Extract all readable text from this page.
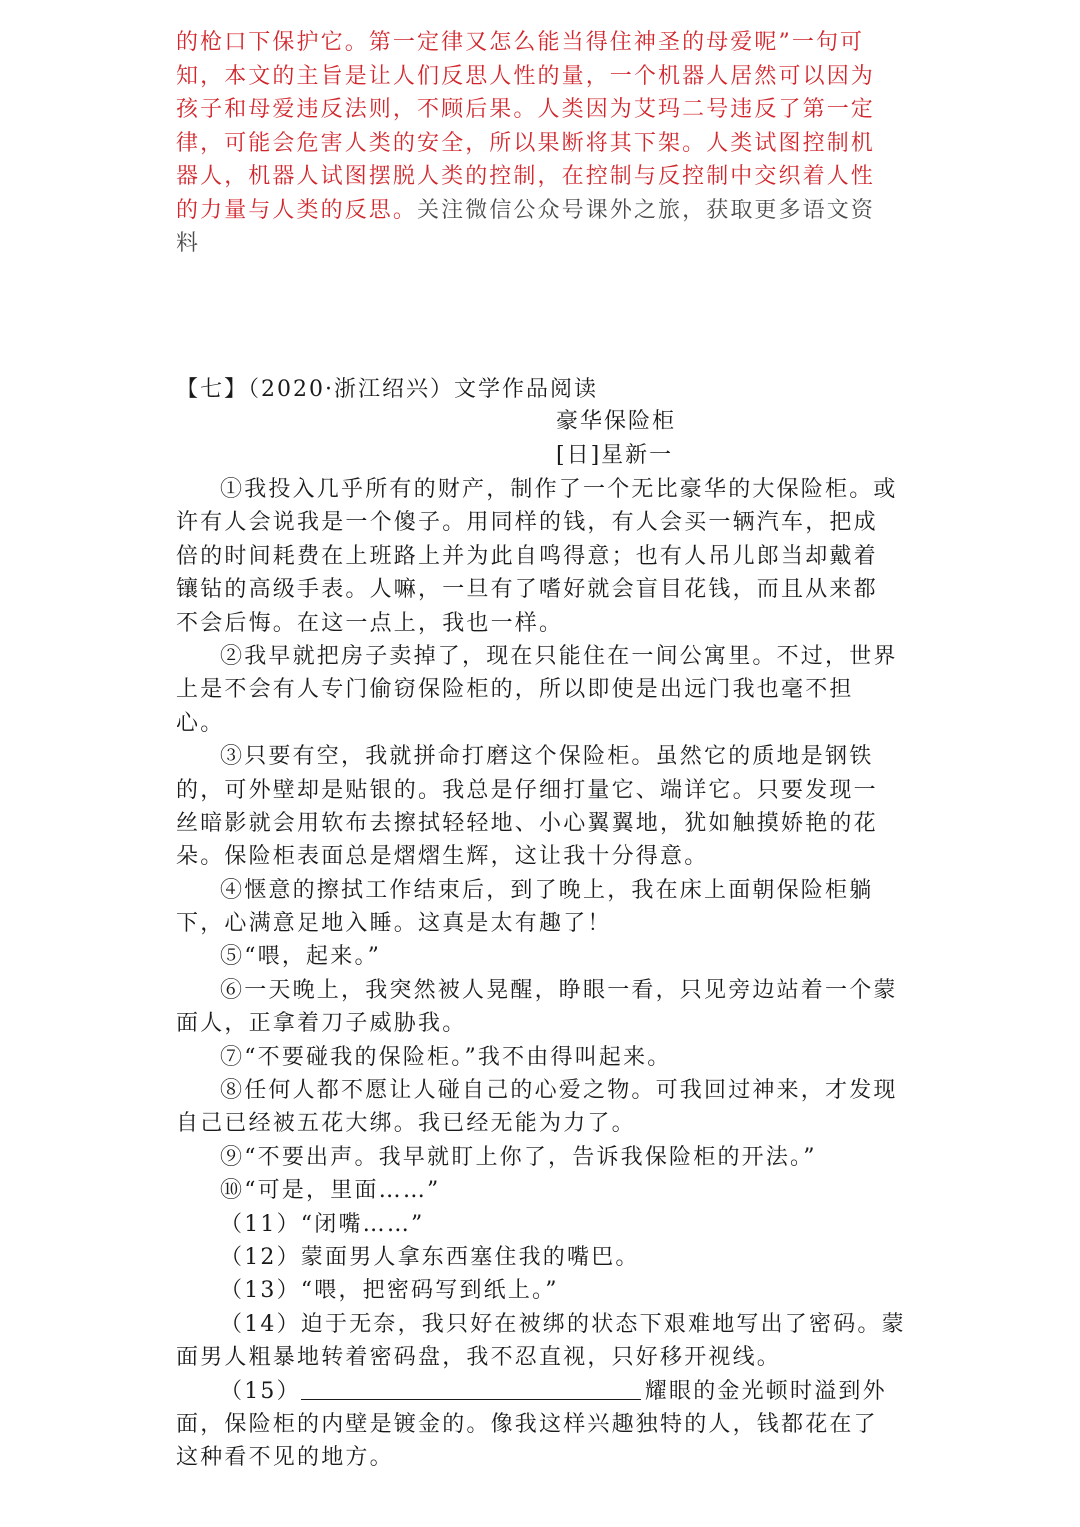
的枪口下保护它。第一定律又怎么能当得住神圣的母爱呢”一句可
知，本文的主旨是让人们反思人性的量，一个机器人居然可以因为
孩子和母爱违反法则，不顾后果。人类因为艾玛二号违反了第一定
律，可能会危害人类的安全，所以果断将其下架。人类试图控制机
器人，机器人试图摆脱人类的控制，在控制与反控制中交织着人性
的力量与人类的反思。关注微信公众号课外之旅，获取更多语文资
料
【七】（2020·浙江绍兴）文学作品阅读
豪华保险柜
[日]星新一
①我投入几乎所有的财产，制作了一个无比豪华的大保险柜。或
许有人会说我是一个傻子。用同样的钱，有人会买一辆汽车，把成
倍的时间耗费在上班路上并为此自鸣得意；也有人吊儿郎当却戴着
镶钻的高级手表。人嘛，一旦有了嗜好就会盲目花钱，而且从来都
不会后悔。在这一点上，我也一样。
②我早就把房子卖掉了，现在只能住在一间公寓里。不过，世界
上是不会有人专门偷窃保险柜的，所以即使是出远门我也毫不担
心。
③只要有空，我就拼命打磨这个保险柜。虽然它的质地是钢铁
的，可外壁却是贴银的。我总是仔细打量它、端详它。只要发现一
丝暗影就会用软布去擦拭轻轻地、小心翼翼地，犹如触摸娇艳的花
朵。保险柜表面总是熠熠生辉，这让我十分得意。
④惬意的擦拭工作结束后，到了晚上，我在床上面朝保险柜躺
下，心满意足地入睡。这真是太有趣了！
⑤“喂，起来。”
⑥一天晚上，我突然被人晃醒，睁眼一看，只见旁边站着一个蒙
面人，正拿着刀子威胁我。
⑦“不要碰我的保险柜。”我不由得叫起来。
⑧任何人都不愿让人碰自己的心爱之物。可我回过神来，才发现
自己已经被五花大绑。我已经无能为力了。
⑨“不要出声。我早就盯上你了，告诉我保险柜的开法。”
⑩“可是，里面……”
（11）“闭嘴……”
（12）蒙面男人拿东西塞住我的嘴巴。
（13）“喂，把密码写到纸上。”
（14）迫于无奈，我只好在被绑的状态下艰难地写出了密码。蒙
面男人粗暴地转着密码盘，我不忍直视，只好移开视线。
（15）	耀眼的金光顿时溢到外
面，保险柜的内壁是镀金的。像我这样兴趣独特的人，钱都花在了
这种看不见的地方。
